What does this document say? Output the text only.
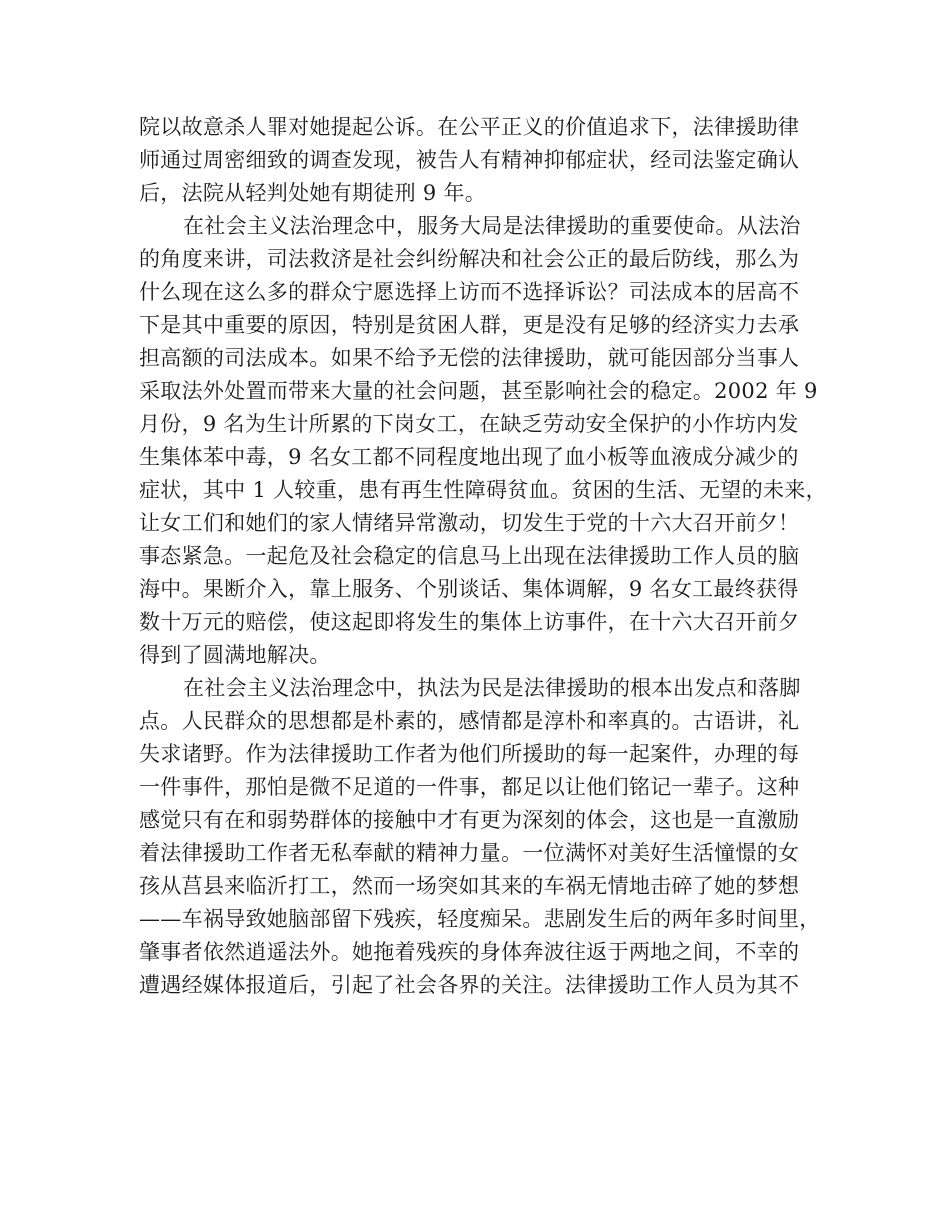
院以故意杀人罪对她提起公诉。在公平正义的价值追求下，法律援助律
师通过周密细致的调查发现，被告人有精神抑郁症状，经司法鉴定确认
后，法院从轻判处她有期徒刑 9 年。
在社会主义法治理念中，服务大局是法律援助的重要使命。从法治
的角度来讲，司法救济是社会纠纷解决和社会公正的最后防线，那么为
什么现在这么多的群众宁愿选择上访而不选择诉讼？司法成本的居高不
下是其中重要的原因，特别是贫困人群，更是没有足够的经济实力去承
担高额的司法成本。如果不给予无偿的法律援助，就可能因部分当事人
采取法外处置而带来大量的社会问题，甚至影响社会的稳定。2002 年 9
月份，9 名为生计所累的下岗女工，在缺乏劳动安全保护的小作坊内发
生集体苯中毒，9 名女工都不同程度地出现了血小板等血液成分减少的
症状，其中 1 人较重，患有再生性障碍贫血。贫困的生活、无望的未来，
让女工们和她们的家人情绪异常激动，切发生于党的十六大召开前夕！
事态紧急。一起危及社会稳定的信息马上出现在法律援助工作人员的脑
海中。果断介入，靠上服务、个别谈话、集体调解，9 名女工最终获得
数十万元的赔偿，使这起即将发生的集体上访事件，在十六大召开前夕
得到了圆满地解决。
在社会主义法治理念中，执法为民是法律援助的根本出发点和落脚
点。人民群众的思想都是朴素的，感情都是淳朴和率真的。古语讲，礼
失求诸野。作为法律援助工作者为他们所援助的每一起案件，办理的每
一件事件，那怕是微不足道的一件事，都足以让他们铭记一辈子。这种
感觉只有在和弱势群体的接触中才有更为深刻的体会，这也是一直激励
着法律援助工作者无私奉献的精神力量。一位满怀对美好生活憧憬的女
孩从莒县来临沂打工，然而一场突如其来的车祸无情地击碎了她的梦想
——车祸导致她脑部留下残疾，轻度痴呆。悲剧发生后的两年多时间里，
肇事者依然逍遥法外。她拖着残疾的身体奔波往返于两地之间，不幸的
遭遇经媒体报道后，引起了社会各界的关注。法律援助工作人员为其不
